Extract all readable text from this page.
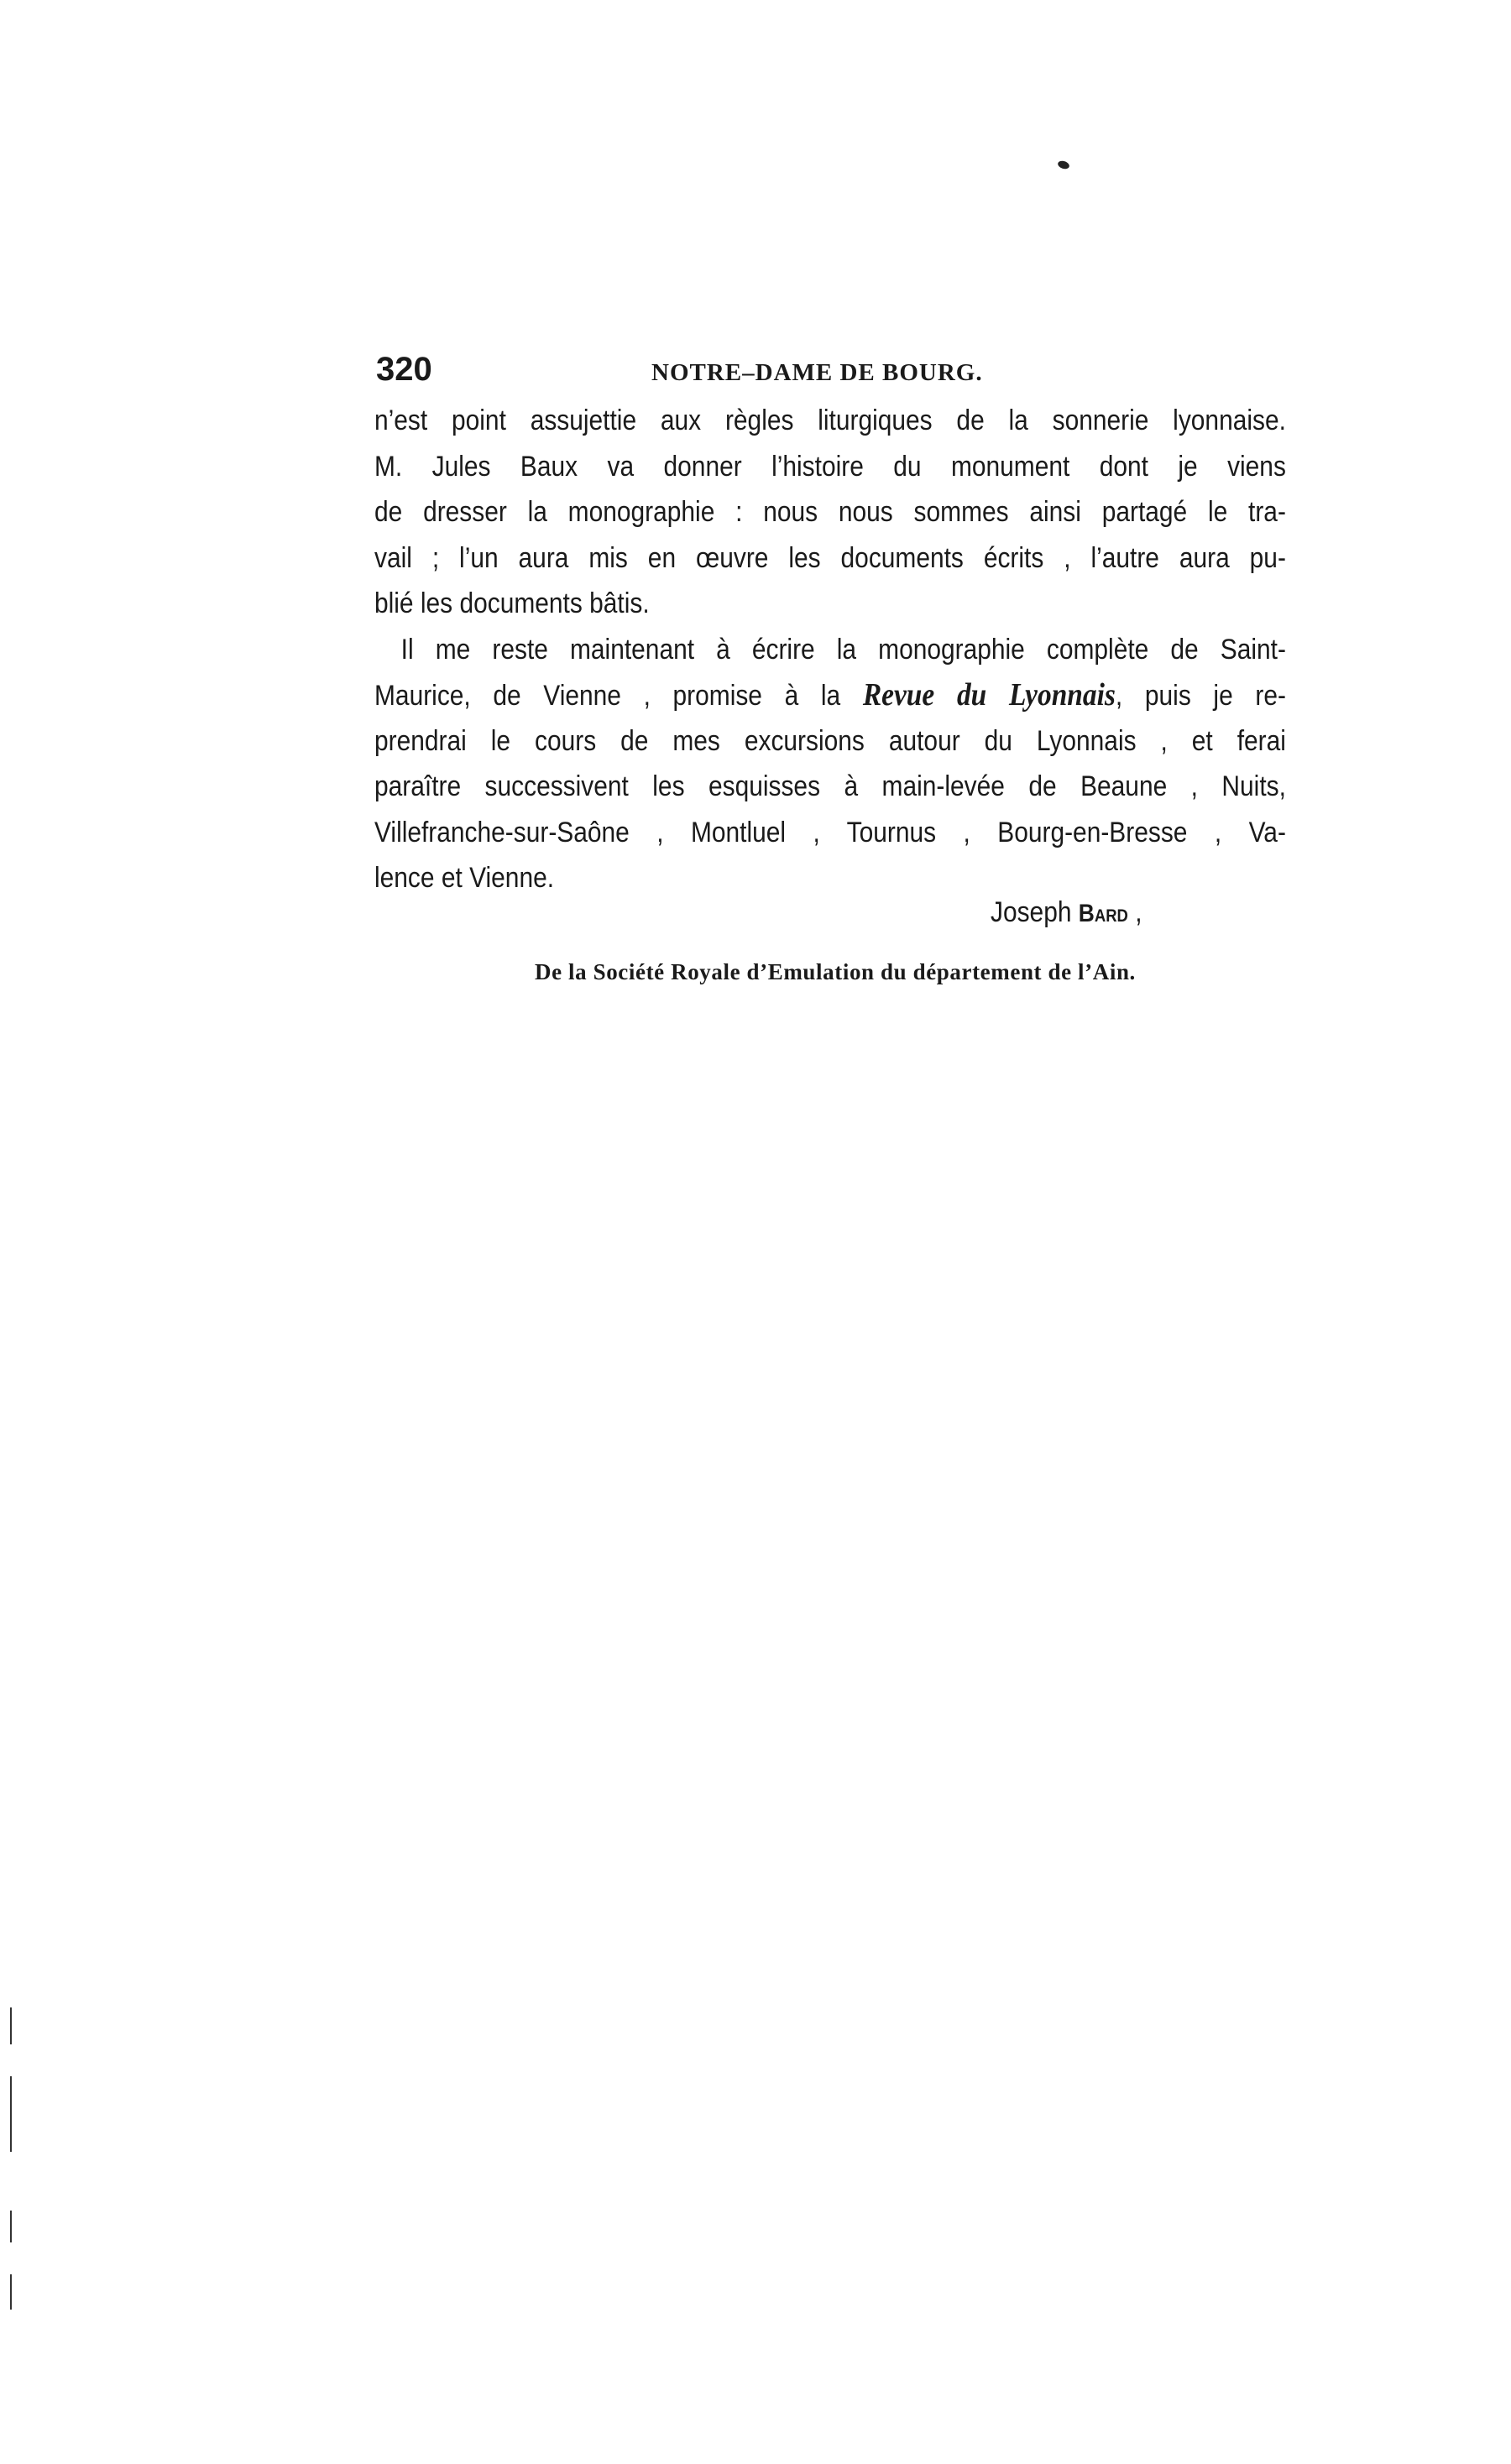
320	NOTRE–DAME DE BOURG.
n’est point assujettie aux règles liturgiques de la sonnerie lyonnaise.
M. Jules Baux va donner l’histoire du monument dont je viens
de dresser la monographie : nous nous sommes ainsi partagé le tra-
vail ; l’un aura mis en œuvre les documents écrits , l’autre aura pu-
blié les documents bâtis.
Il me reste maintenant à écrire la monographie complète de Saint-
Maurice, de Vienne , promise à la Revue du Lyonnais, puis je re-
prendrai le cours de mes excursions autour du Lyonnais , et ferai
paraître successivent les esquisses à main-levée de Beaune , Nuits,
Villefranche-sur-Saône , Montluel , Tournus , Bourg-en-Bresse , Va-
lence et Vienne.
Joseph Bard ,
De la Société Royale d’Emulation du département de l’Ain.
